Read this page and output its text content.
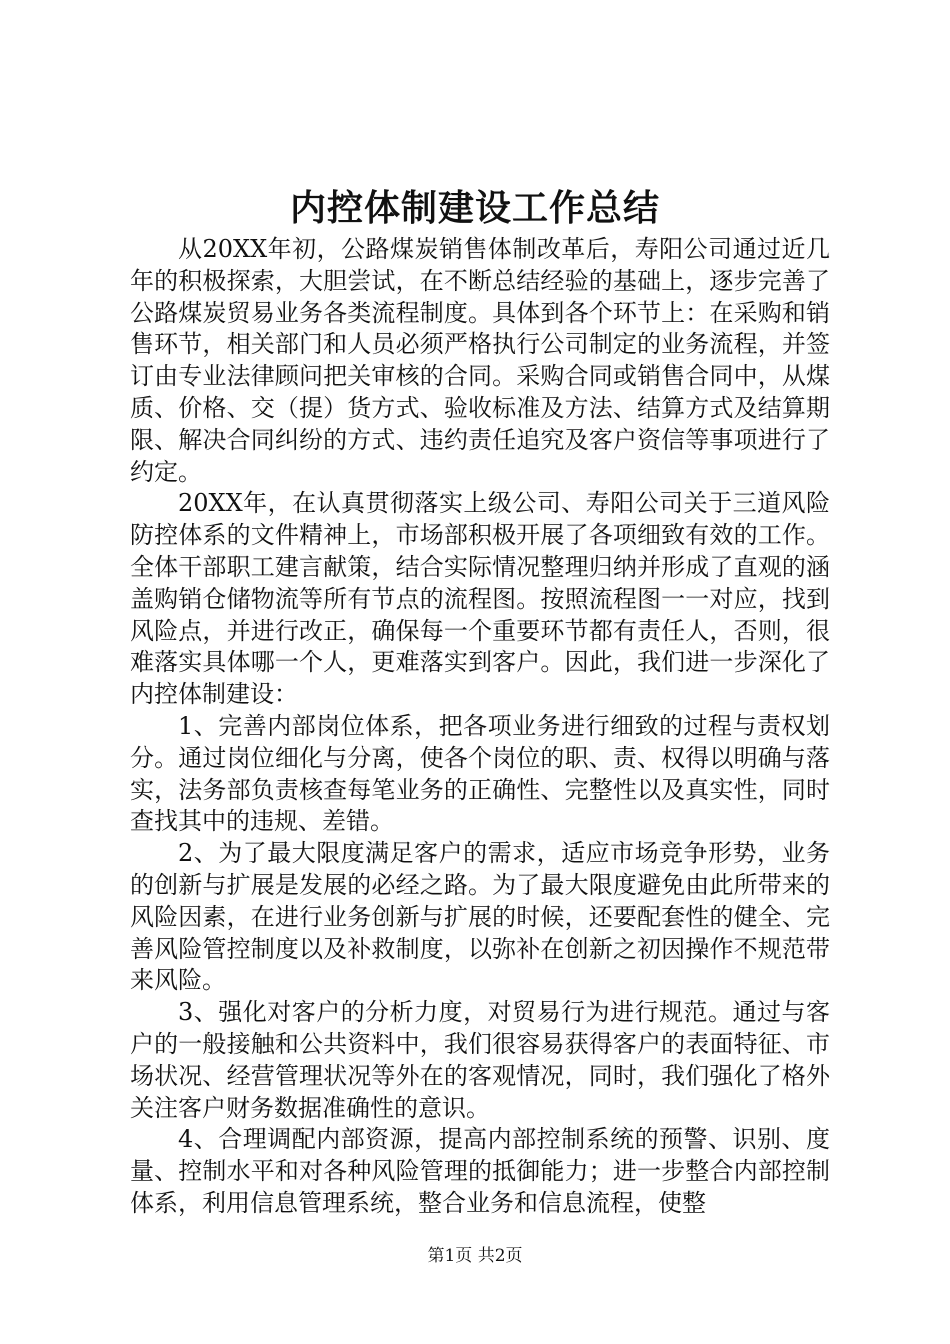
内控体制建设工作总结

从20XX年初，公路煤炭销售体制改革后，寿阳公司通过近几年的积极探索，大胆尝试，在不断总结经验的基础上，逐步完善了公路煤炭贸易业务各类流程制度。具体到各个环节上：在采购和销售环节，相关部门和人员必须严格执行公司制定的业务流程，并签订由专业法律顾问把关审核的合同。采购合同或销售合同中，从煤质、价格、交（提）货方式、验收标准及方法、结算方式及结算期限、解决合同纠纷的方式、违约责任追究及客户资信等事项进行了约定。

20XX年，在认真贯彻落实上级公司、寿阳公司关于三道风险防控体系的文件精神上，市场部积极开展了各项细致有效的工作。全体干部职工建言献策，结合实际情况整理归纳并形成了直观的涵盖购销仓储物流等所有节点的流程图。按照流程图一一对应，找到风险点，并进行改正，确保每一个重要环节都有责任人，否则，很难落实具体哪一个人，更难落实到客户。因此，我们进一步深化了内控体制建设：

1、完善内部岗位体系，把各项业务进行细致的过程与责权划分。通过岗位细化与分离，使各个岗位的职、责、权得以明确与落实，法务部负责核查每笔业务的正确性、完整性以及真实性，同时查找其中的违规、差错。

2、为了最大限度满足客户的需求，适应市场竞争形势，业务的创新与扩展是发展的必经之路。为了最大限度避免由此所带来的风险因素，在进行业务创新与扩展的时候，还要配套性的健全、完善风险管控制度以及补救制度，以弥补在创新之初因操作不规范带来风险。

3、强化对客户的分析力度，对贸易行为进行规范。通过与客户的一般接触和公共资料中，我们很容易获得客户的表面特征、市场状况、经营管理状况等外在的客观情况，同时，我们强化了格外关注客户财务数据准确性的意识。

4、合理调配内部资源，提高内部控制系统的预警、识别、度量、控制水平和对各种风险管理的抵御能力；进一步整合内部控制体系，利用信息管理系统，整合业务和信息流程，使整

第1页 共2页
